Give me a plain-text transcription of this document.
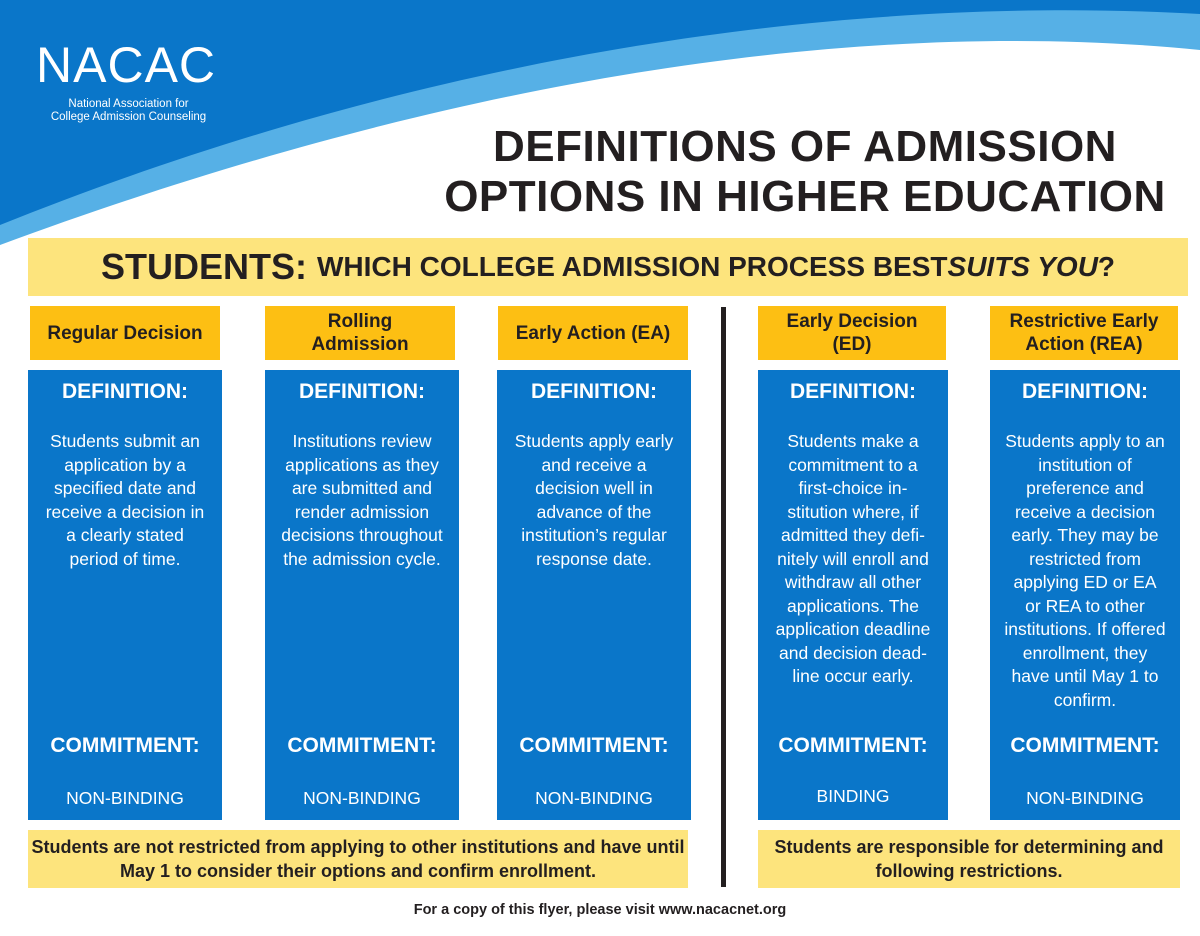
NACAC
National Association for
College Admission Counseling
DEFINITIONS OF ADMISSION
OPTIONS IN HIGHER EDUCATION
STUDENTS: WHICH COLLEGE ADMISSION PROCESS BEST SUITS YOU ?
Regular Decision
DEFINITION:
Students submit an application by a specified date and receive a decision in a clearly stated period of time.
COMMITMENT:
NON-BINDING
Rolling
Admission
DEFINITION:
Institutions review applications as they are submitted and render admission decisions throughout the admission cycle.
COMMITMENT:
NON-BINDING
Early Action (EA)
DEFINITION:
Students apply early and receive a decision well in advance of the institution’s regular response date.
COMMITMENT:
NON-BINDING
Early Decision
(ED)
DEFINITION:
Students make a commitment to a first-choice in-stitution where, if admitted they defi-nitely will enroll and withdraw all other applications. The application deadline and decision dead-line occur early.
COMMITMENT:
BINDING
Restrictive Early
Action (REA)
DEFINITION:
Students apply to an institution of preference and receive a decision early. They may be restricted from applying ED or EA or REA to other institutions. If offered enrollment, they have until May 1 to confirm.
COMMITMENT:
NON-BINDING
Students are not restricted from applying to other institutions and have until May 1 to consider their options and confirm enrollment.
Students are responsible for determining and following restrictions.
For a copy of this flyer, please visit www.nacacnet.org
